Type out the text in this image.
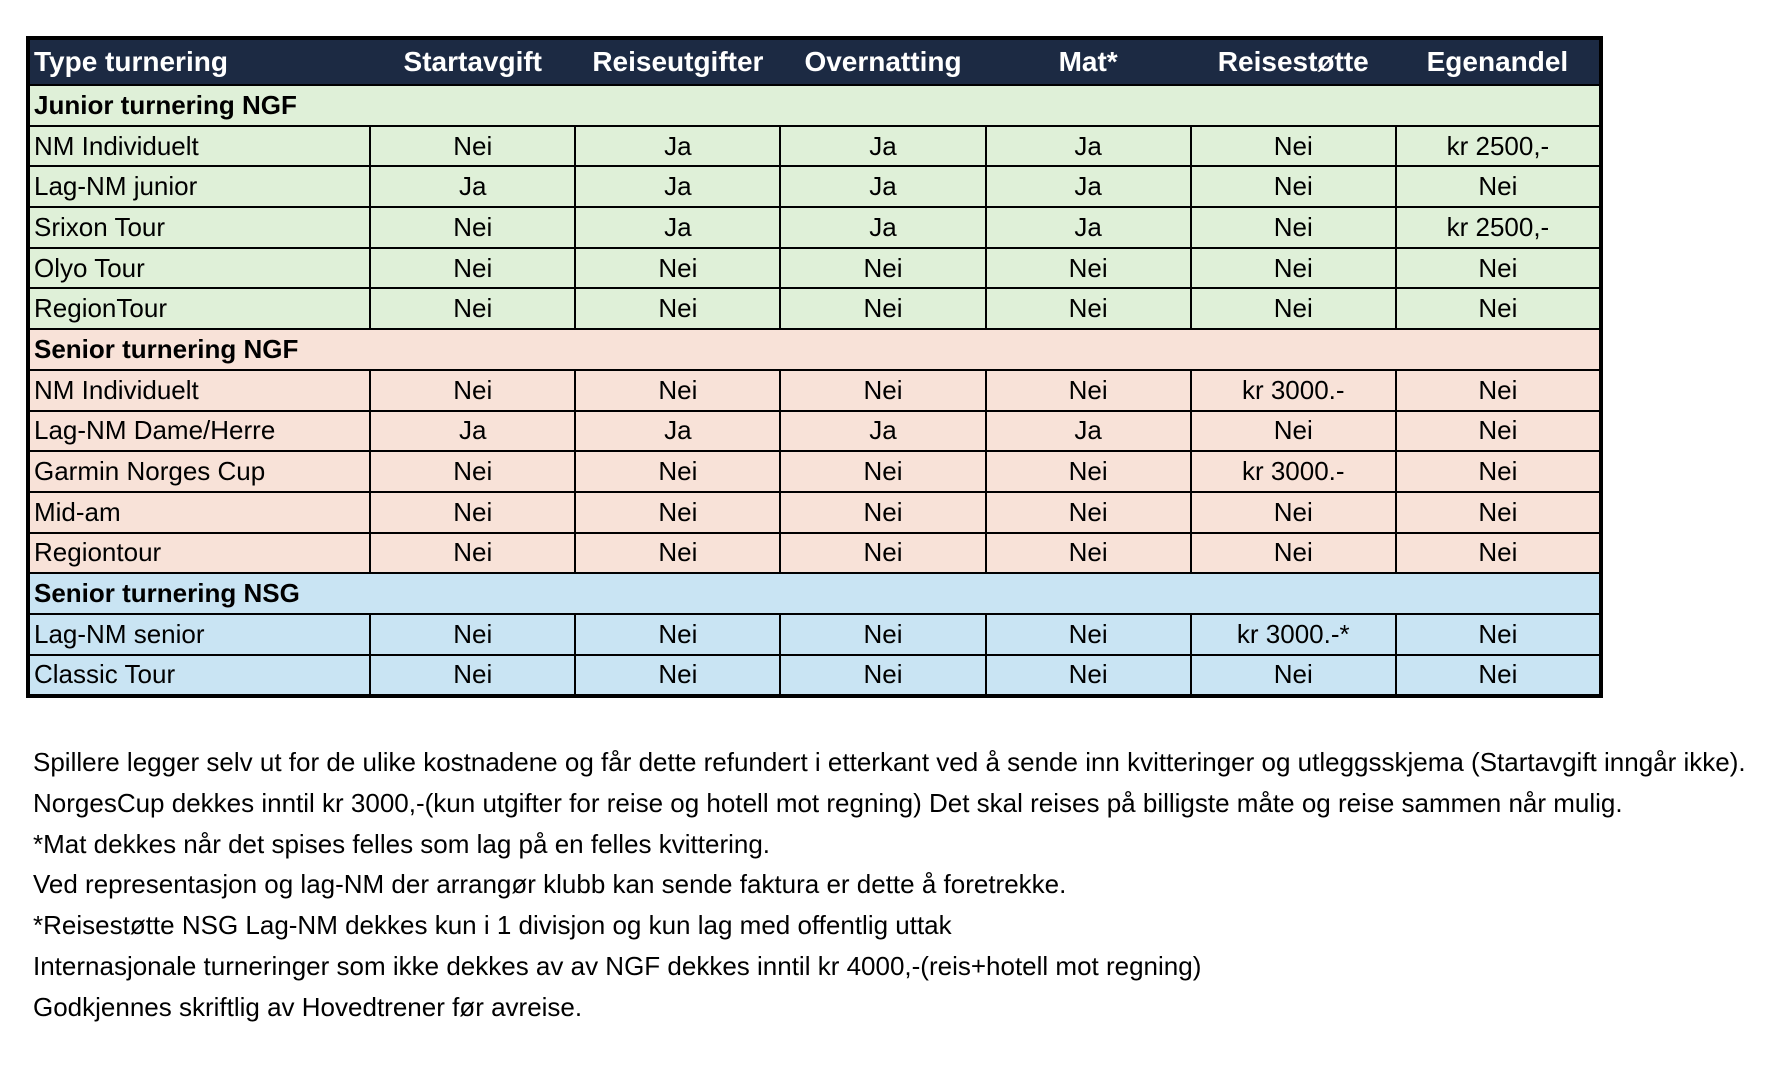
Type turnering	Startavgift	Reiseutgifter	Overnatting	Mat*	Reisestøtte	Egenandel
Junior turnering NGF						
NM Individuelt	Nei	Ja	Ja	Ja	Nei	kr 2500,-
Lag-NM junior	Ja	Ja	Ja	Ja	Nei	Nei
Srixon Tour	Nei	Ja	Ja	Ja	Nei	kr 2500,-
Olyo Tour	Nei	Nei	Nei	Nei	Nei	Nei
RegionTour	Nei	Nei	Nei	Nei	Nei	Nei
Senior turnering NGF						
NM Individuelt	Nei	Nei	Nei	Nei	kr 3000.-	Nei
Lag-NM Dame/Herre	Ja	Ja	Ja	Ja	Nei	Nei
Garmin Norges Cup	Nei	Nei	Nei	Nei	kr 3000.-	Nei
Mid-am	Nei	Nei	Nei	Nei	Nei	Nei
Regiontour	Nei	Nei	Nei	Nei	Nei	Nei
Senior turnering NSG						
Lag-NM senior	Nei	Nei	Nei	Nei	kr 3000.-*	Nei
Classic Tour	Nei	Nei	Nei	Nei	Nei	Nei
Spillere legger selv ut for de ulike kostnadene og får dette refundert i etterkant ved å sende inn kvitteringer og utleggsskjema (Startavgift inngår ikke).
NorgesCup dekkes inntil kr 3000,-(kun utgifter for reise og hotell mot regning) Det skal reises på billigste måte og reise sammen når mulig.
*Mat dekkes når det spises felles som lag på en felles kvittering.
Ved representasjon og lag-NM der arrangør klubb kan sende faktura er dette å foretrekke.
*Reisestøtte NSG Lag-NM dekkes kun i 1 divisjon og kun lag med offentlig uttak
Internasjonale turneringer som ikke dekkes av av NGF dekkes inntil kr 4000,-(reis+hotell mot regning)
Godkjennes skriftlig av Hovedtrener før avreise.
